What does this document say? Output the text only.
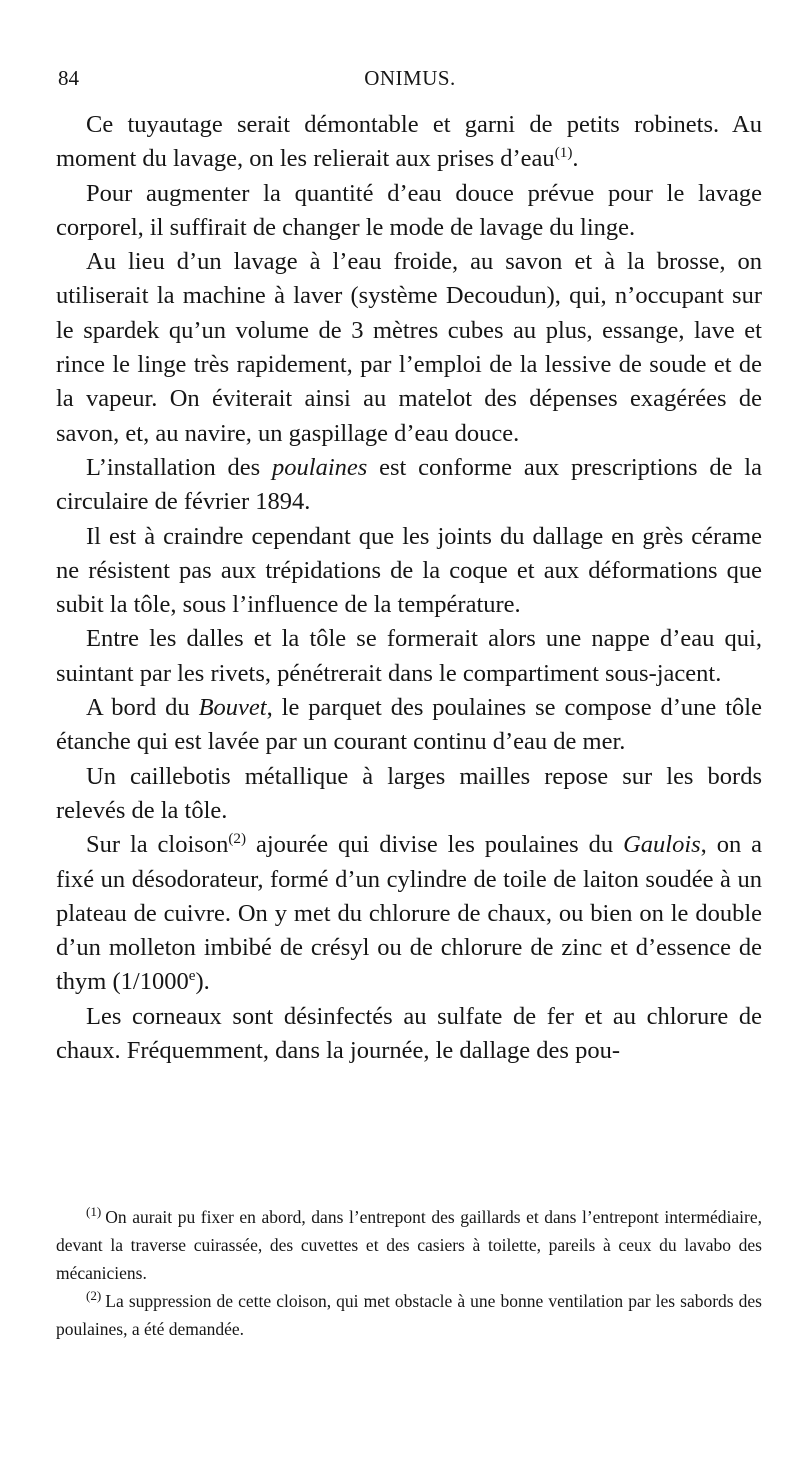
84	ONIMUS.

Ce tuyautage serait démontable et garni de petits robinets. Au moment du lavage, on les relierait aux prises d’eau$^{(1)}$.

Pour augmenter la quantité d’eau douce prévue pour le lavage corporel, il suffirait de changer le mode de lavage du linge.

Au lieu d’un lavage à l’eau froide, au savon et à la brosse, on utiliserait la machine à laver (système Decoudun), qui, n’occupant sur le spardek qu’un volume de 3 mètres cubes au plus, essange, lave et rince le linge très rapidement, par l’emploi de la lessive de soude et de la vapeur. On éviterait ainsi au matelot des dépenses exagérées de savon, et, au navire, un gaspillage d’eau douce.

L’installation des poulaines est conforme aux prescriptions de la circulaire de février 1894.

Il est à craindre cependant que les joints du dallage en grès cérame ne résistent pas aux trépidations de la coque et aux déformations que subit la tôle, sous l’influence de la température.

Entre les dalles et la tôle se formerait alors une nappe d’eau qui, suintant par les rivets, pénétrerait dans le compartiment sous-jacent.

A bord du Bouvet, le parquet des poulaines se compose d’une tôle étanche qui est lavée par un courant continu d’eau de mer.

Un caillebotis métallique à larges mailles repose sur les bords relevés de la tôle.

Sur la cloison$^{(2)}$ ajourée qui divise les poulaines du Gaulois, on a fixé un désodorateur, formé d’un cylindre de toile de laiton soudée à un plateau de cuivre. On y met du chlorure de chaux, ou bien on le double d’un molleton imbibé de crésyl ou de chlorure de zinc et d’essence de thym (1/1000e).

Les corneaux sont désinfectés au sulfate de fer et au chlorure de chaux. Fréquemment, dans la journée, le dallage des pou-

$^{(1)}$ On aurait pu fixer en abord, dans l’entrepont des gaillards et dans l’entrepont intermédiaire, devant la traverse cuirassée, des cuvettes et des casiers à toilette, pareils à ceux du lavabo des mécaniciens.

$^{(2)}$ La suppression de cette cloison, qui met obstacle à une bonne ventilation par les sabords des poulaines, a été demandée.
